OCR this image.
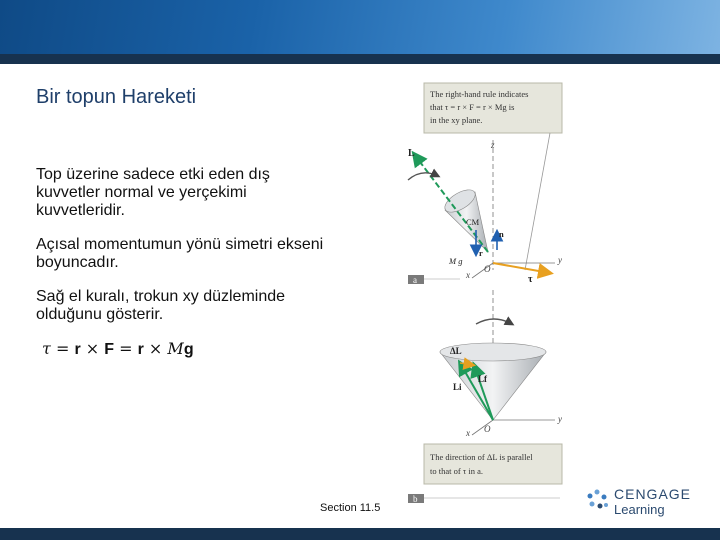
Bir topun Hareketi
Top üzerine sadece etki eden dış kuvvetler normal ve yerçekimi kuvvetleridir.
Açısal momentumun yönü simetri ekseni boyuncadır.
Sağ el kuralı, trokun xy düzleminde olduğunu gösterir.
τ = r × F = r × Mg
The right-hand rule indicates
that τ = r × F = r × Mg is
in the xy plane.
z
y
x
O
L
CM
n
M g
r
τ
a
y
x O
ΔL
Lf
Li
The direction of ΔL is parallel
to that of τ in a.
b
Section 11.5
CENGAGE
Learning
